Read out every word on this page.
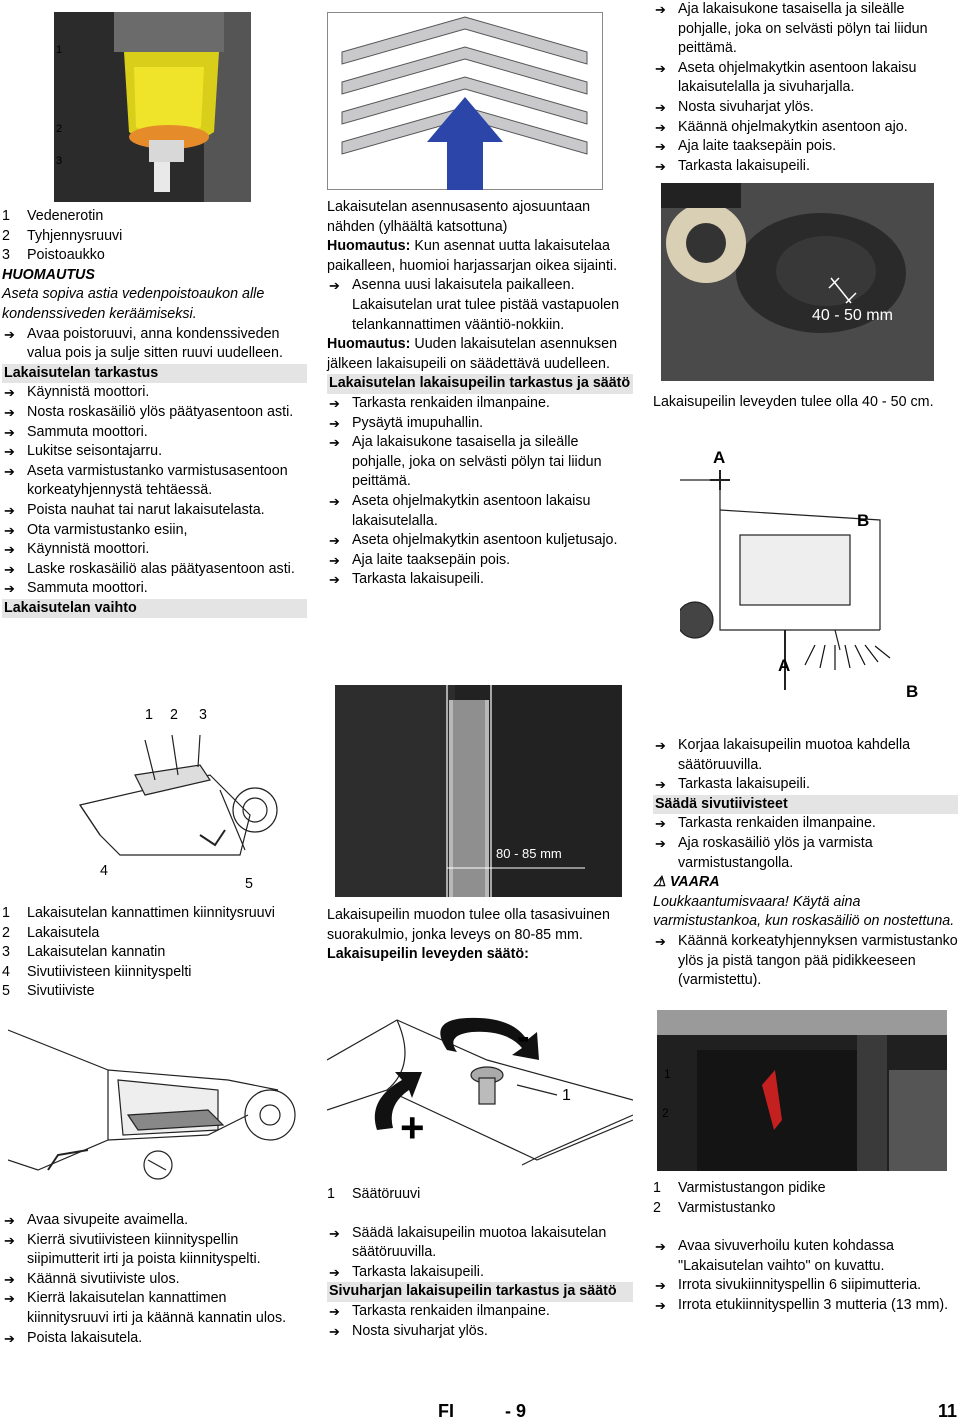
1
2
3
1 Vedenerotin
2 Tyhjennysruuvi
3 Poistoaukko

HUOMAUTUS

Aseta sopiva astia vedenpoistoaukon alle kondenssiveden keräämiseksi.

➔ Avaa poistoruuvi, anna kondenssiveden valua pois ja sulje sitten ruuvi uudelleen.

Lakaisutelan tarkastus

➔ Käynnistä moottori.
➔ Nosta roskasäiliö ylös päätyasentoon asti.
➔ Sammuta moottori.
➔ Lukitse seisontajarru.
➔ Aseta varmistustanko varmistusasentoon korkeatyhjennystä tehtäessä.
➔ Poista nauhat tai narut lakaisutelasta.
➔ Ota varmistustanko esiin,
➔ Käynnistä moottori.
➔ Laske roskasäiliö alas päätyasentoon asti.
➔ Sammuta moottori.

Lakaisutelan vaihto

1 2 3
4
5
1 Lakaisutelan kannattimen kiinnitysruuvi
2 Lakaisutela
3 Lakaisutelan kannatin
4 Sivutiivisteen kiinnityspelti
5 Sivutiiviste
➔ Avaa sivupeite avaimella.
➔ Kierrä sivutiivisteen kiinnityspellin siipimutterit irti ja poista kiinnityspelti.
➔ Käännä sivutiiviste ulos.
➔ Kierrä lakaisutelan kannattimen kiinnitysruuvi irti ja käännä kannatin ulos.
➔ Poista lakaisutela.

Lakaisutelan asennusasento ajosuuntaan nähden (ylhäältä katsottuna)

Huomautus: Kun asennat uutta lakaisutelaa paikalleen, huomioi harjassarjan oikea sijainti.

➔ Asenna uusi lakaisutela paikalleen. Lakaisutelan urat tulee pistää vastapuolen telankannattimen vääntiö-nokkiin.

Huomautus: Uuden lakaisutelan asennuksen jälkeen lakaisupeili on säädettävä uudelleen.

Lakaisutelan lakaisupeilin tarkastus ja säätö

➔ Tarkasta renkaiden ilmanpaine.
➔ Pysäytä imupuhallin.
➔ Aja lakaisukone tasaisella ja sileälle pohjalle, joka on selvästi pölyn tai liidun peittämä.
➔ Aseta ohjelmakytkin asentoon lakaisu lakaisutelalla.
➔ Aseta ohjelmakytkin asentoon kuljetusajo.
➔ Aja laite taaksepäin pois.
➔ Tarkasta lakaisupeili.
80 - 85 mm

Lakaisupeilin muodon tulee olla tasasivuinen suorakulmio, jonka leveys on 80-85 mm.

Lakaisupeilin leveyden säätö:

-
+
1
1 Säätöruuvi

➔ Säädä lakaisupeilin muotoa lakaisutelan säätöruuvilla.
➔ Tarkasta lakaisupeili.

Sivuharjan lakaisupeilin tarkastus ja säätö

➔ Tarkasta renkaiden ilmanpaine.
➔ Nosta sivuharjat ylös.
➔ Aja lakaisukone tasaisella ja sileälle pohjalle, joka on selvästi pölyn tai liidun peittämä.
➔ Aseta ohjelmakytkin asentoon lakaisu lakaisutelalla ja sivuharjalla.
➔ Nosta sivuharjat ylös.
➔ Käännä ohjelmakytkin asentoon ajo.
➔ Aja laite taaksepäin pois.
➔ Tarkasta lakaisupeili.
40 - 50 mm

Lakaisupeilin leveyden tulee olla 40 - 50 cm.

A
B
A
B
➔ Korjaa lakaisupeilin muotoa kahdella säätöruuvilla.
➔ Tarkasta lakaisupeili.

Säädä sivutiivisteet

➔ Tarkasta renkaiden ilmanpaine.
➔ Aja roskasäiliö ylös ja varmista varmistustangolla.

⚠ VAARA

Loukkaantumisvaara! Käytä aina varmistustankoa, kun roskasäiliö on nostettuna.

➔ Käännä korkeatyhjennyksen varmistustanko ylös ja pistä tangon pää pidikkeeseen (varmistettu).
1
2
1 Varmistustangon pidike
2 Varmistustanko

➔ Avaa sivuverhoilu kuten kohdassa "Lakaisutelan vaihto" on kuvattu.
➔ Irrota sivukiinnityspellin 6 siipimutteria.
➔ Irrota etukiinnityspellin 3 mutteria (13 mm).
FI	- 9	11
